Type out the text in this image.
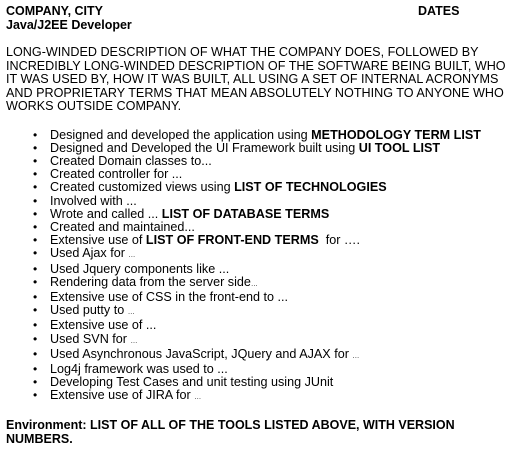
COMPANY, CITY	DATES
Java/J2EE Developer
LONG-WINDED DESCRIPTION OF WHAT THE COMPANY DOES, FOLLOWED BY INCREDIBLY LONG-WINDED DESCRIPTION OF THE SOFTWARE BEING BUILT, WHO IT WAS USED BY, HOW IT WAS BUILT, ALL USING A SET OF INTERNAL ACRONYMS AND PROPRIETARY TERMS THAT MEAN ABSOLUTELY NOTHING TO ANYONE WHO WORKS OUTSIDE COMPANY.
• Designed and developed the application using METHODOLOGY TERM LIST
• Designed and Developed the UI Framework built using UI TOOL LIST
• Created Domain classes to...
• Created controller for ...
• Created customized views using LIST OF TECHNOLOGIES
• Involved with ...
• Wrote and called ... LIST OF DATABASE TERMS
• Created and maintained...
• Extensive use of LIST OF FRONT-END TERMS  for ….
• Used Ajax for …
• Used Jquery components like ...
• Rendering data from the server side…
• Extensive use of CSS in the front-end to ...
• Used putty to …
• Extensive use of ...
• Used SVN for …
• Used Asynchronous JavaScript, JQuery and AJAX for …
• Log4j framework was used to ...
• Developing Test Cases and unit testing using JUnit
• Extensive use of JIRA for …
Environment: LIST OF ALL OF THE TOOLS LISTED ABOVE, WITH VERSION NUMBERS.
